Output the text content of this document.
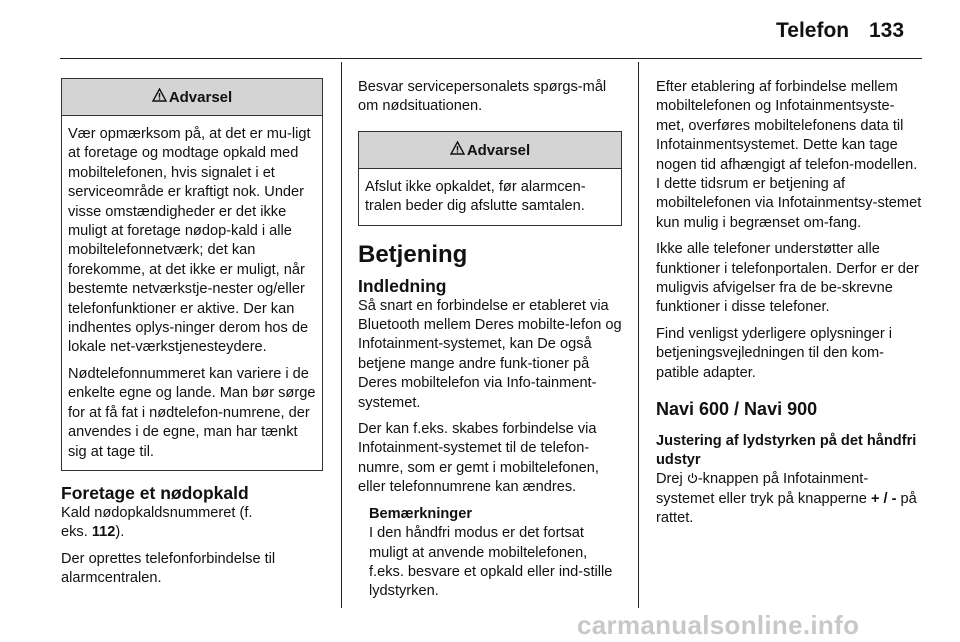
Telefon 133
Advarsel

Vær opmærksom på, at det er mu-ligt at foretage og modtage opkald med mobiltelefonen, hvis signalet i et serviceområde er kraftigt nok. Under visse omstændigheder er det ikke muligt at foretage nødop-kald i alle mobiltelefonnetværk; det kan forekomme, at det ikke er muligt, når bestemte netværkstje-nester og/eller telefonfunktioner er aktive. Der kan indhentes oplys-ninger derom hos de lokale net-værkstjenesteydere.

Nødtelefonnummeret kan variere i de enkelte egne og lande. Man bør sørge for at få fat i nødtelefon-numrene, der anvendes i de egne, man har tænkt sig at tage til.

Foretage et nødopkald

Kald nødopkaldsnummeret (f. eks. 112).

Der oprettes telefonforbindelse til alarmcentralen.

Besvar servicepersonalets spørgs-mål om nødsituationen.

Advarsel

Afslut ikke opkaldet, før alarmcen-tralen beder dig afslutte samtalen.

Betjening
Indledning

Så snart en forbindelse er etableret via Bluetooth mellem Deres mobilte-lefon og Infotainment-systemet, kan De også betjene mange andre funk-tioner på Deres mobiltelefon via Info-tainment-systemet.

Der kan f.eks. skabes forbindelse via Infotainment-systemet til de telefon-numre, som er gemt i mobiltelefonen, eller telefonnumrene kan ændres.

Bemærkninger
I den håndfri modus er det fortsat muligt at anvende mobiltelefonen, f.eks. besvare et opkald eller ind-stille lydstyrken.

Efter etablering af forbindelse mellem mobiltelefonen og Infotainmentsyste-met, overføres mobiltelefonens data til Infotainmentsystemet. Dette kan tage nogen tid afhængigt af telefon-modellen. I dette tidsrum er betjening af mobiltelefonen via Infotainmentsy-stemet kun mulig i begrænset om-fang.

Ikke alle telefoner understøtter alle funktioner i telefonportalen. Derfor er der muligvis afvigelser fra de be-skrevne funktioner i disse telefoner.

Find venligst yderligere oplysninger i betjeningsvejledningen til den kom-patible adapter.

Navi 600 / Navi 900
Justering af lydstyrken på det håndfri udstyr

Drej -knappen på Infotainment-systemet eller tryk på knapperne + / - på rattet.

carmanualsonline.info
